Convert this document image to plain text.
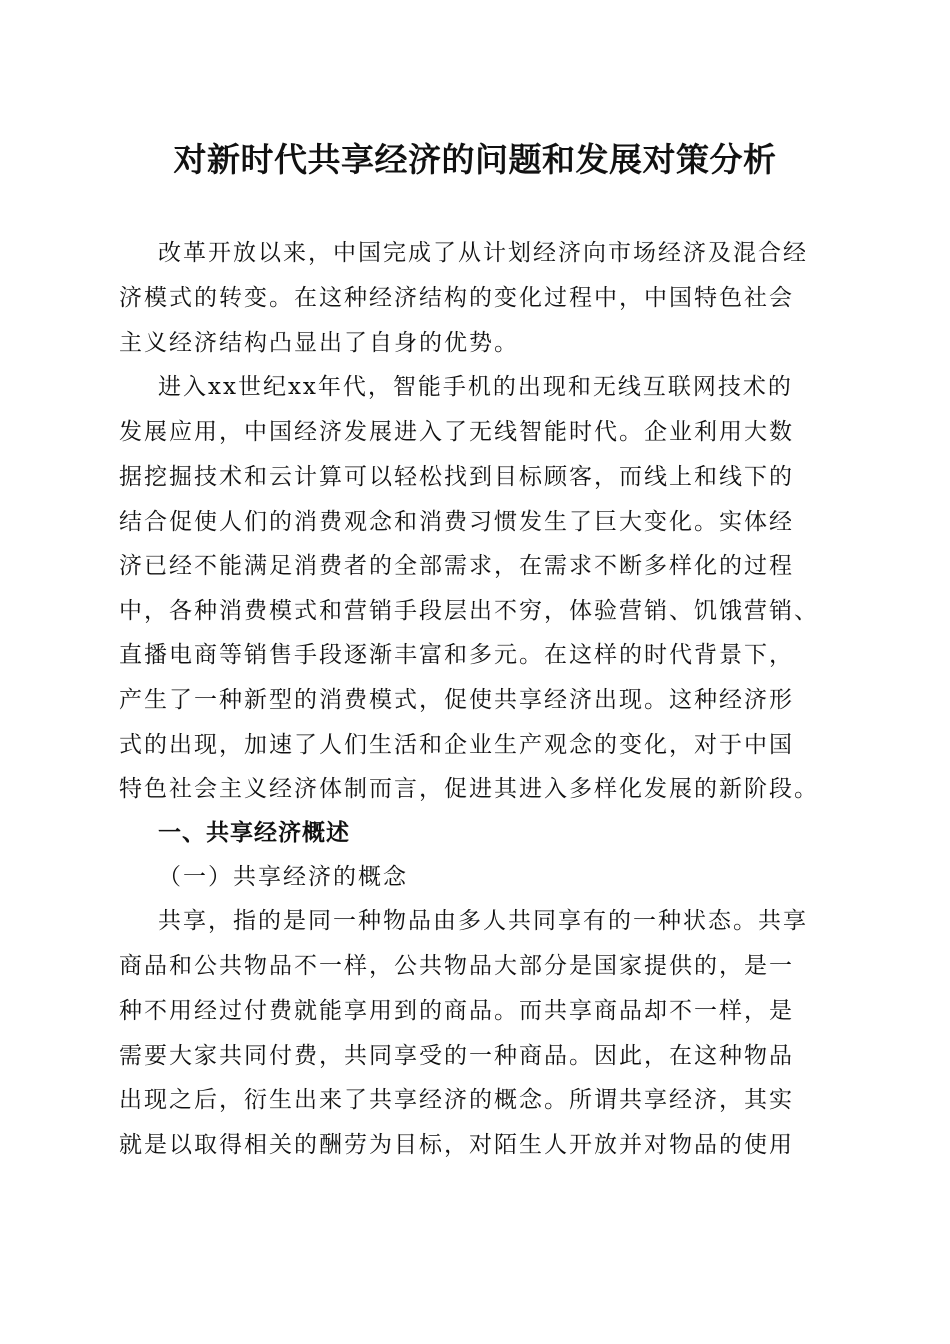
对新时代共享经济的问题和发展对策分析

改革开放以来，中国完成了从计划经济向市场经济及混合经

济模式的转变。在这种经济结构的变化过程中，中国特色社会

主义经济结构凸显出了自身的优势。

进入xx世纪xx年代，智能手机的出现和无线互联网技术的

发展应用，中国经济发展进入了无线智能时代。企业利用大数

据挖掘技术和云计算可以轻松找到目标顾客，而线上和线下的

结合促使人们的消费观念和消费习惯发生了巨大变化。实体经

济已经不能满足消费者的全部需求，在需求不断多样化的过程

中，各种消费模式和营销手段层出不穷，体验营销、饥饿营销、

直播电商等销售手段逐渐丰富和多元。在这样的时代背景下，

产生了一种新型的消费模式，促使共享经济出现。这种经济形

式的出现，加速了人们生活和企业生产观念的变化，对于中国

特色社会主义经济体制而言，促进其进入多样化发展的新阶段。

一、共享经济概述

（一）共享经济的概念

共享，指的是同一种物品由多人共同享有的一种状态。共享

商品和公共物品不一样，公共物品大部分是国家提供的，是一

种不用经过付费就能享用到的商品。而共享商品却不一样，是

需要大家共同付费，共同享受的一种商品。因此，在这种物品

出现之后，衍生出来了共享经济的概念。所谓共享经济，其实

就是以取得相关的酬劳为目标，对陌生人开放并对物品的使用
